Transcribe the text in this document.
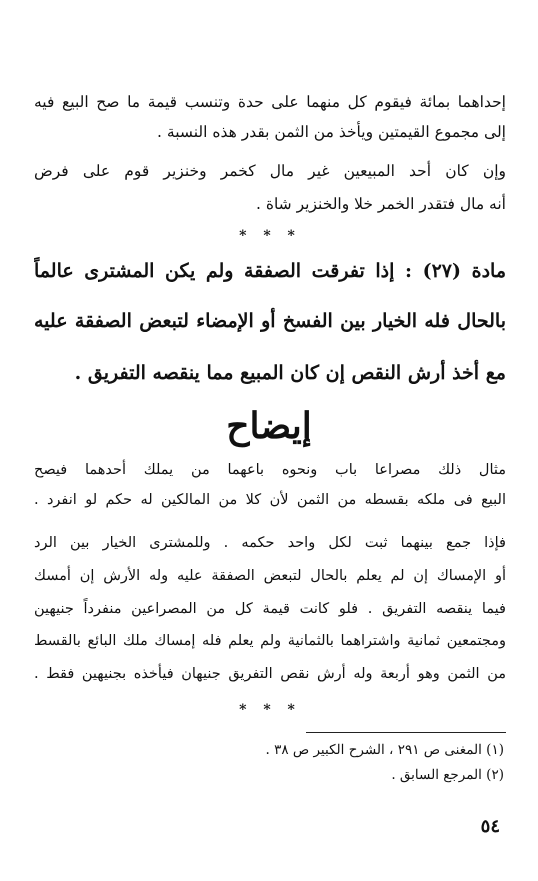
إحداهما بمائة فيقوم كل منهما على حدة وتنسب قيمة ما صح البيع فيه
إلى مجموع القيمتين ويأخذ من الثمن بقدر هذه النسبة .
وإن كان أحد المبيعين غير مال كخمر وخنزير قوم على فرض
أنه مال فتقدر الخمر خلا والخنزير شاة .
* * *
مادة (٢٧) : إذا تفرقت الصفقة ولم يكن المشترى عالماً
بالحال فله الخيار بين الفسخ أو الإمضاء لتبعض الصفقة عليه
مع أخذ أرش النقص إن كان المبيع مما ينقصه التفريق .
إيضاح
مثال ذلك مصراعا باب ونحوه باعهما من يملك أحدهما فيصح
البيع فى ملكه بقسطه من الثمن لأن كلا من المالكين له حكم لو انفرد .
فإذا جمع بينهما ثبت لكل واحد حكمه . وللمشترى الخيار بين الرد
أو الإمساك إن لم يعلم بالحال لتبعض الصفقة عليه وله الأرش إن أمسك
فيما ينقصه التفريق . فلو كانت قيمة كل من المصراعين منفرداً جنيهين
ومجتمعين ثمانية واشتراهما بالثمانية ولم يعلم فله إمساك ملك البائع بالقسط
من الثمن وهو أربعة وله أرش نقص التفريق جنيهان فيأخذه بجنيهين فقط .
* * *
(١) المغنى ص ٢٩١ ، الشرح الكبير ص ٣٨ .
(٢) المرجع السابق .
٥٤
